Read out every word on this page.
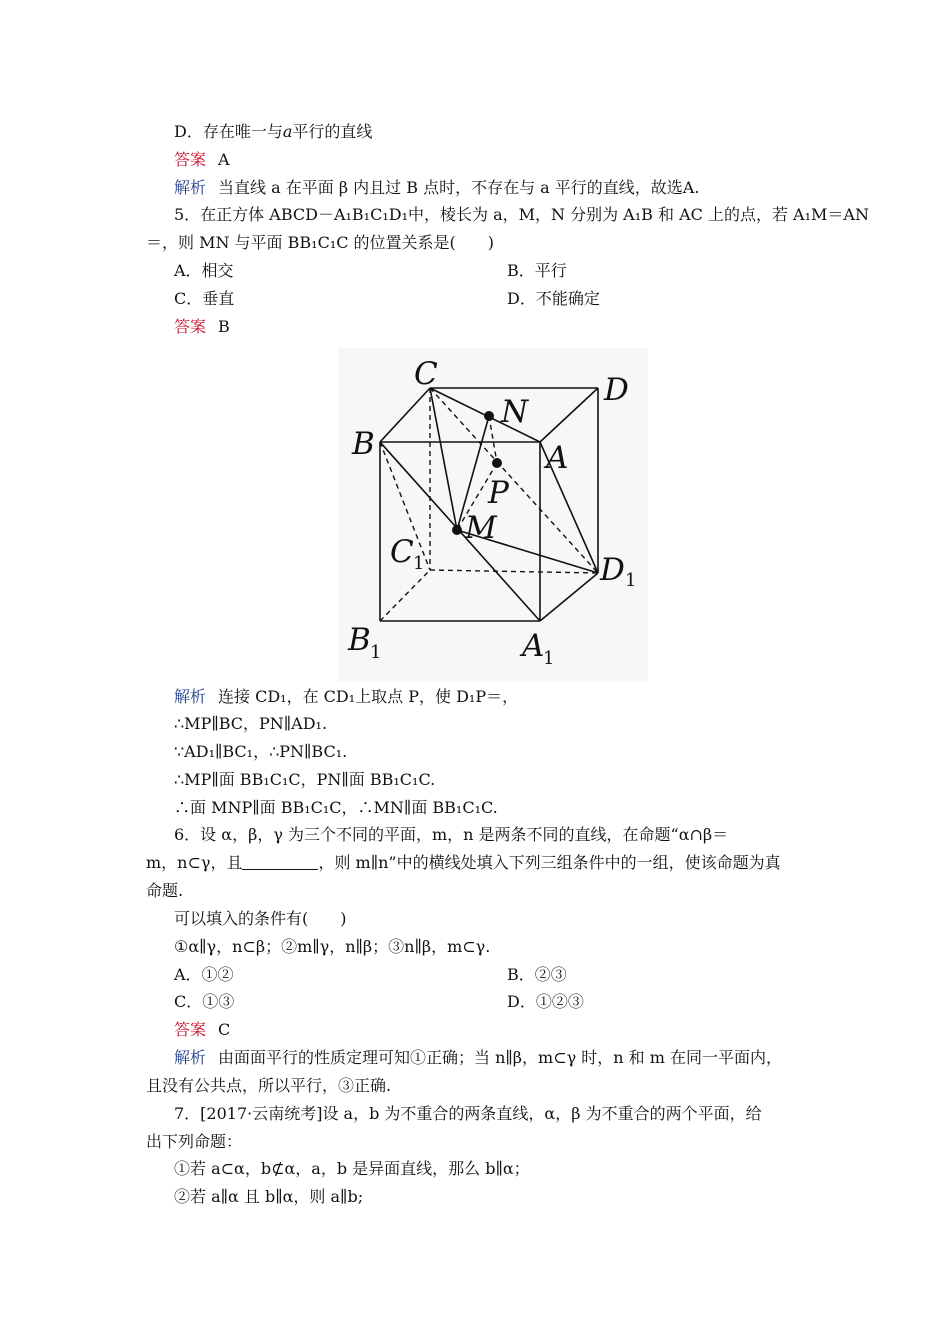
D．存在唯一与a平行的直线
答案 A
解析 当直线 a 在平面 β 内且过 B 点时，不存在与 a 平行的直线，故选A.
5．在正方体 ABCD－A₁B₁C₁D₁中，棱长为 a，M，N 分别为 A₁B 和 AC 上的点，若 A₁M＝AN
＝，则 MN 与平面 BB₁C₁C 的位置关系是(　　)
A．相交	B．平行
C．垂直	D．不能确定
答案 B
C	D
N
B	A
P
M
C 1	D 1
B 1	A
1
解析 连接 CD₁，在 CD₁上取点 P，使 D₁P＝，
∴MP∥BC，PN∥AD₁.
∵AD₁∥BC₁，∴PN∥BC₁.
∴MP∥面 BB₁C₁C，PN∥面 BB₁C₁C.
∴面 MNP∥面 BB₁C₁C，∴MN∥面 BB₁C₁C.
6．设 α，β，γ 为三个不同的平面，m，n 是两条不同的直线，在命题“α∩β＝
m，n⊂γ，且	，则 m∥n”中的横线处填入下列三组条件中的一组，使该命题为真
命题.
可以填入的条件有(　　)
①α∥γ，n⊂β；②m∥γ，n∥β；③n∥β，m⊂γ.
A．①②	B．②③
C．①③	D．①②③
答案 C
解析 由面面平行的性质定理可知①正确；当 n∥β，m⊂γ 时，n 和 m 在同一平面内，
且没有公共点，所以平行，③正确.
7．[2017·云南统考]设 a，b 为不重合的两条直线，α，β 为不重合的两个平面，给
出下列命题：
①若 a⊂α，b⊄α，a，b 是异面直线，那么 b∥α；
②若 a∥α 且 b∥α，则 a∥b;
